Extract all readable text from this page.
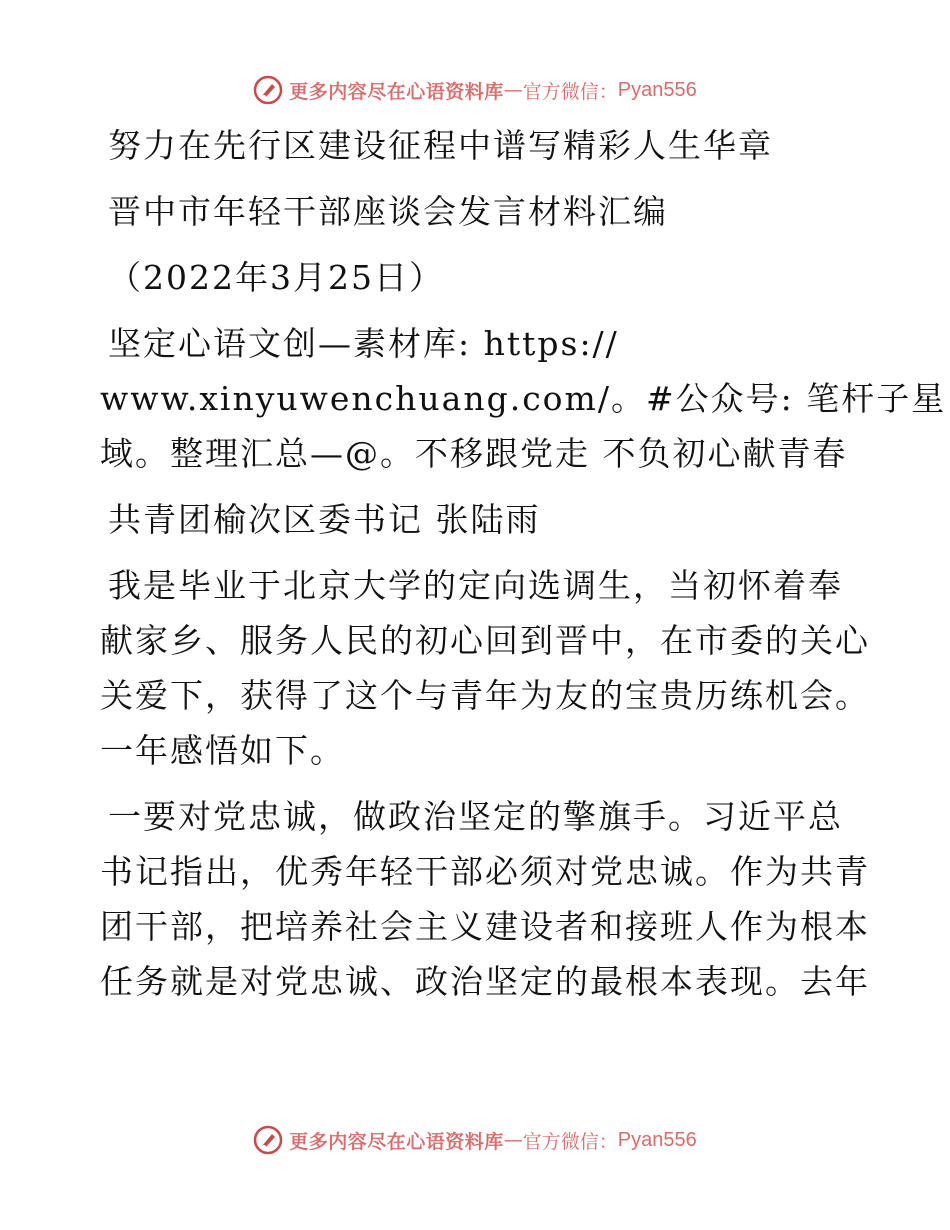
更多内容尽在心语资料库 — 官方微信： Pyan556
努力在先行区建设征程中谱写精彩人生华章
晋中市年轻干部座谈会发言材料汇编
（2022年3月25日）
坚定心语文创—素材库: https://
www.xinyuwenchuang.com/。#公众号: 笔杆子星
域。整理汇总—@。不移跟党走 不负初心献青春
共青团榆次区委书记 张陆雨
我是毕业于北京大学的定向选调生，当初怀着奉
献家乡、服务人民的初心回到晋中，在市委的关心
关爱下，获得了这个与青年为友的宝贵历练机会。
一年感悟如下。
一要对党忠诚，做政治坚定的擎旗手。习近平总
书记指出，优秀年轻干部必须对党忠诚。作为共青
团干部，把培养社会主义建设者和接班人作为根本
任务就是对党忠诚、政治坚定的最根本表现。去年
更多内容尽在心语资料库 — 官方微信： Pyan556
